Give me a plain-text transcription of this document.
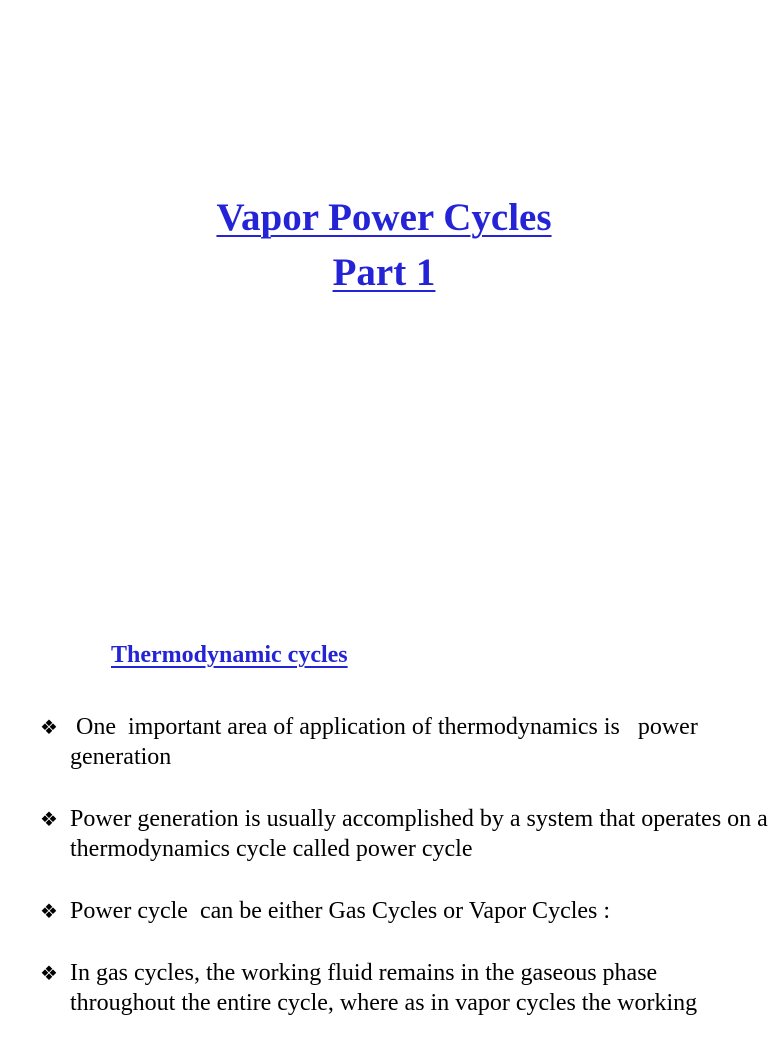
Vapor Power Cycles
Part 1
Thermodynamic cycles
❖ One  important area of application of thermodynamics is   power generation
❖ Power generation is usually accomplished by a system that operates on a thermodynamics cycle called power cycle
❖ Power cycle  can be either Gas Cycles or Vapor Cycles :
❖ In gas cycles, the working fluid remains in the gaseous phase throughout the entire cycle, where as in vapor cycles the working
